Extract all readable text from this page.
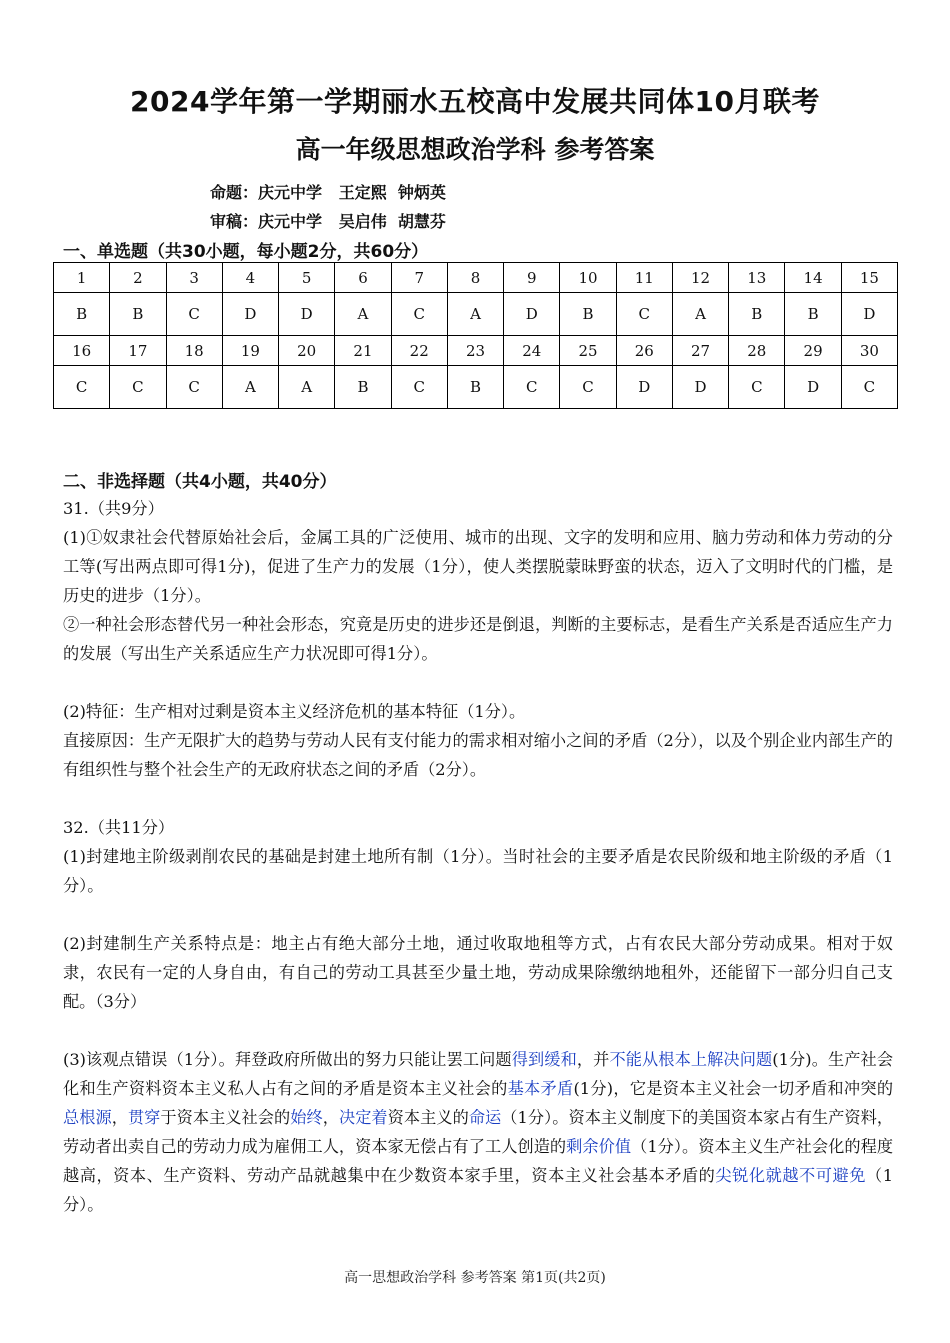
2024学年第一学期丽水五校高中发展共同体10月联考
高一年级思想政治学科 参考答案
命题：庆元中学   王定熙  钟炳英
审稿：庆元中学   吴启伟  胡慧芬
一、单选题（共30小题，每小题2分，共60分）
1	2	3	4	5	6	7	8	9	10	11	12	13	14	15
B	B	C	D	D	A	C	A	D	B	C	A	B	B	D
16	17	18	19	20	21	22	23	24	25	26	27	28	29	30
C	C	C	A	A	B	C	B	C	C	D	D	C	D	C
二、非选择题（共4小题，共40分）

31.（共9分）

(1)①奴隶社会代替原始社会后，金属工具的广泛使用、城市的出现、文字的发明和应用、脑力劳动和体力劳动的分工等(写出两点即可得1分)，促进了生产力的发展（1分），使人类摆脱蒙昧野蛮的状态，迈入了文明时代的门槛，是历史的进步（1分）。

②一种社会形态替代另一种社会形态，究竟是历史的进步还是倒退，判断的主要标志，是看生产关系是否适应生产力的发展（写出生产关系适应生产力状况即可得1分）。

(2)特征：生产相对过剩是资本主义经济危机的基本特征（1分）。

直接原因：生产无限扩大的趋势与劳动人民有支付能力的需求相对缩小之间的矛盾（2分），以及个别企业内部生产的有组织性与整个社会生产的无政府状态之间的矛盾（2分）。

32.（共11分）

(1)封建地主阶级剥削农民的基础是封建土地所有制（1分）。当时社会的主要矛盾是农民阶级和地主阶级的矛盾（1分）。

(2)封建制生产关系特点是：地主占有绝大部分土地，通过收取地租等方式，占有农民大部分劳动成果。相对于奴隶，农民有一定的人身自由，有自己的劳动工具甚至少量土地，劳动成果除缴纳地租外，还能留下一部分归自己支配。（3分）

(3)该观点错误（1分）。拜登政府所做出的努力只能让罢工问题得到缓和，并不能从根本上解决问题(1分)。生产社会化和生产资料资本主义私人占有之间的矛盾是资本主义社会的基本矛盾(1分)，它是资本主义社会一切矛盾和冲突的总根源，贯穿于资本主义社会的始终，决定着资本主义的命运（1分）。资本主义制度下的美国资本家占有生产资料，劳动者出卖自己的劳动力成为雇佣工人，资本家无偿占有了工人创造的剩余价值（1分）。资本主义生产社会化的程度越高，资本、生产资料、劳动产品就越集中在少数资本家手里，资本主义社会基本矛盾的尖锐化就越不可避免（1分）。

高一思想政治学科 参考答案 第1页(共2页)
